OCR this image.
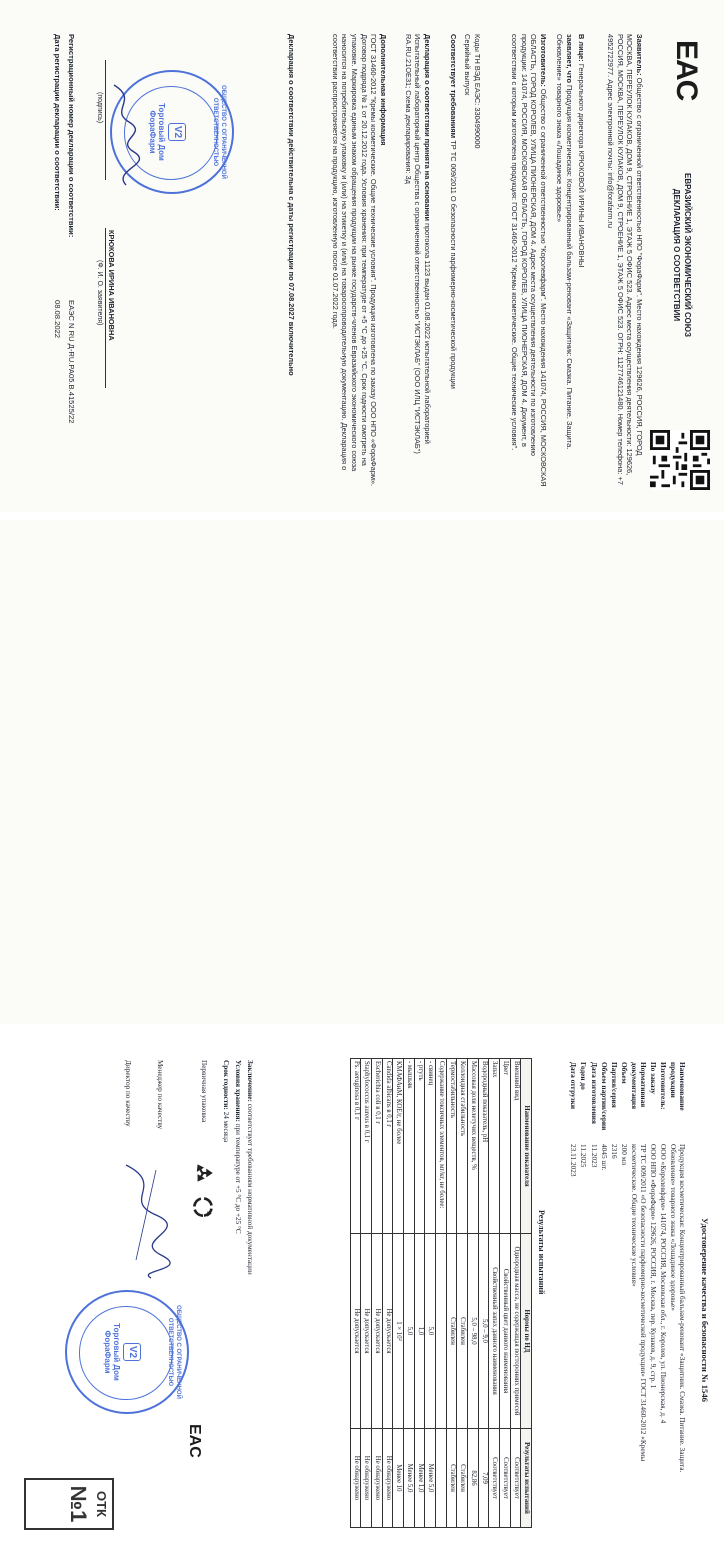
EAC
ЕВРАЗИЙСКИЙ ЭКОНОМИЧЕСКИЙ СОЮЗ
ДЕКЛАРАЦИЯ О СООТВЕТСТВИИ

Заявитель: Общество с ограниченной ответственностью НПО "ФораФарм". Место нахождения 129626, РОССИЯ, ГОРОД МОСКВА, ПЕРЕУЛОК КУЛАКОВ, ДОМ 9, СТРОЕНИЕ 1, ЭТАЖ 5 ОФИС 523. Адрес места осуществления деятельности: 129626, РОССИЯ, МОСКВА, ПЕРЕУЛОК КУЛАКОВ, ДОМ 9, СТРОЕНИЕ 1, ЭТАЖ 5 ОФИС 523. ОГРН: 1127746121480. Номер телефона: +7 4952722977. Адрес электронной почты: info@forafarm.ru

В лице: Генерального директора КРЮКОВОЙ ИРИНЫ ИВАНОВНЫ

заявляет, что Продукция косметическая: Концентрированный бальзам-реновант «Защитник: Смазка. Питание. Защита. Обновление» товарного знака «Лошадиное здоровье»

Изготовитель: Общество с ограниченной ответственностью "Королевфарм". Место нахождения 141074, РОССИЯ, МОСКОВСКАЯ ОБЛАСТЬ, ГОРОД КОРОЛЕВ, УЛИЦА ПИОНЕРСКАЯ, ДОМ 4. Адрес места осуществления деятельности по изготовлению продукции: 141074, РОССИЯ, МОСКОВСКАЯ ОБЛАСТЬ, ГОРОД КОРОЛЕВ, УЛИЦА ПИОНЕРСКАЯ, ДОМ 4. Документ, в соответствии с которым изготовлена продукция: ГОСТ 31460-2012 "Кремы косметические. Общие технические условия".

Коды ТН ВЭД ЕАЭС: 3304990000

Серийный выпуск

Соответствует требованиям ТР ТС 009/2011 О безопасности парфюмерно-косметической продукции

Декларация о соответствии принята на основании протокола 1123 выдан 01.08.2022 испытательной лабораторией Испытательный лабораторный центр Общества с ограниченной ответственностью "ИСТЭКЛАБ" (ООО ИЛЦ "ИСТЭКЛАБ") RA.RU.21OE31; Схема декларирования: 3д

Дополнительная информация
ГОСТ 31460-2012 "Кремы косметические. Общие технические условия". Продукция изготовлена по заказу ООО НПО «ФораФарм». Договор подряда № 1 от 20.12.2012 года. Условия хранения: при температуре от +5 °С до +25 °С. Срок годности смотреть на упаковке. Маркировка единым знаком обращения продукции на рынке государств-членов Евразийского экономического союза наносится на потребительскую упаковку и (или) на этикетку и (или) на товаросопроводительную документацию. Декларация о соответствии распространяется на продукцию, изготовленную после 01.07.2022 года.

Декларация о соответствии действительна с даты регистрации по 07.08.2027 включительно

ОБЩЕСТВО С ОГРАНИЧЕННОЙ ОТВЕТСТВЕННОСТЬЮ
V2
Торговый Дом
ФораФарм
(подпись)
КРЮКОВА ИРИНА ИВАНОВНА
(Ф. И. О. заявителя)
Регистрационный номер декларации о соответствии:
ЕАЭС N RU Д-RU.PA05.В.41525/22
Дата регистрации декларации о соответствии:
08.08.2022
Удостоверение качества и безопасности № 1546
Наименование продукции	Продукция косметическая: Концентрированный бальзам-реновант «Защитник. Смазка. Питание. Защита. Обновление» товарного знака «Лошадиное здоровье»
Изготовитель:	ООО «Королевфарм» 141074, РОССИЯ, Московская обл., г. Королев, ул. Пионерская, д. 4
По заказу	ООО НПО «ФораФарм» 129626, РОССИЯ, г. Москва, пер. Кулаков, д. 9, стр. 1
Нормативная документация	ТР ТС 009/2011 «О безопасности парфюмерно-косметической продукции» ГОСТ 31460-2012 «Кремы косметические. Общие технические условия»
Объем	200 мл
Партия/серия	2316
Объем партии/серии	4045 шт.
Дата изготовления	11.2023
Годен до	11.2025
Дата отгрузки	23.11.2023
Результаты испытаний
Наименование показателя	Нормы по НД	Результаты испытаний
Внешний вид	Однородная масса, не содержащая посторонних примесей	Соответствует
Цвет	Свойственный цвет данного наименования	Соответствует
Запах	Свойственный запах данного наименования	Соответствует
Водородный показатель, pH	5,0 – 9,0	7,09
Массовая доля нелетучих веществ, %	5,0 – 98,0	82,86
Коллоидная стабильность	Стабилен	Стабилен
Термостабильность	Стабилен	Стабилен
Содержание токсичных элементов, мг/кг, не более:		
- свинец	5,0	Менее 5,0
- ртуть	1,0	Менее 1,0
- мышьяк	5,0	Менее 5,0
КМАФАнМ, КОЕ/г, не более	1 × 10²	Менее 10
Candida albicans в 0,1 г	Не допускается	Не обнаружено
Escherichia coli в 0,1 г	Не допускается	Не обнаружено
Staphylococcus aureus в 0,1 г	Не допускается	Не обнаружено
Ps. aeruginosa в 0,1 г	Не допускается	Не обнаружено

Заключение: соответствует требованиям нормативной документации

Условия хранения: при температуре от +5 °С до +25 °С

Срок годности: 24 месяца

Первичная упаковка

Менеджер по качеству

Директор по качеству

ОБЩЕСТВО С ОГРАНИЧЕННОЙ ОТВЕТСТВЕННОСТЬЮ
V2
Торговый Дом
ФораФарм
EAC
ОТК
№1
